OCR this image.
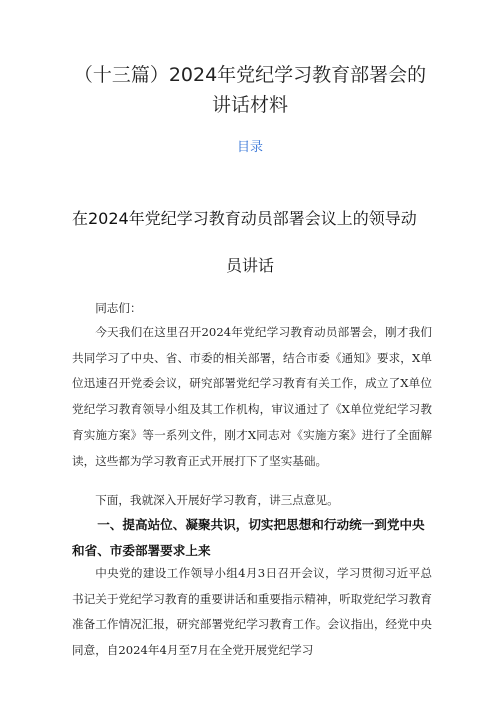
（十三篇）2024年党纪学习教育部署会的
讲话材料
目录
在2024年党纪学习教育动员部署会议上的领导动
员讲话

同志们：

今天我们在这里召开2024年党纪学习教育动员部署会，刚才我们共同学习了中央、省、市委的相关部署，结合市委《通知》要求，X单位迅速召开党委会议，研究部署党纪学习教育有关工作，成立了X单位党纪学习教育领导小组及其工作机构，审议通过了《X单位党纪学习教育实施方案》等一系列文件，刚才X同志对《实施方案》进行了全面解读，这些都为学习教育正式开展打下了坚实基础。

下面，我就深入开展好学习教育，讲三点意见。

一、提高站位、凝聚共识，切实把思想和行动统一到党中央和省、市委部署要求上来

中央党的建设工作领导小组4月3日召开会议，学习贯彻习近平总书记关于党纪学习教育的重要讲话和重要指示精神，听取党纪学习教育准备工作情况汇报，研究部署党纪学习教育工作。会议指出，经党中央同意，自2024年4月至7月在全党开展党纪学习
